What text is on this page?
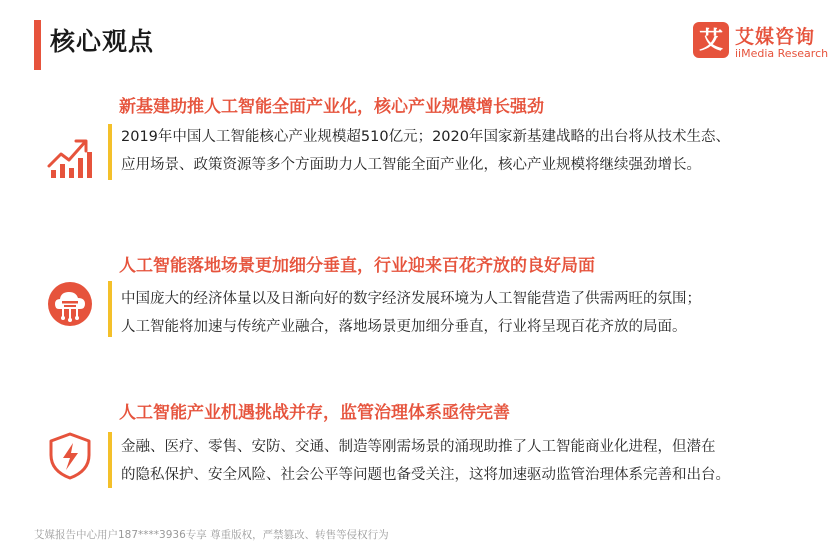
核心观点	艾 艾媒咨询
iiMedia Research
新基建助推人工智能全面产业化，核心产业规模增长强劲
2019年中国人工智能核心产业规模超510亿元；2020年国家新基建战略的出台将从技术生态、
应用场景、政策资源等多个方面助力人工智能全面产业化，核心产业规模将继续强劲增长。
人工智能落地场景更加细分垂直，行业迎来百花齐放的良好局面
中国庞大的经济体量以及日渐向好的数字经济发展环境为人工智能营造了供需两旺的氛围；
人工智能将加速与传统产业融合，落地场景更加细分垂直，行业将呈现百花齐放的局面。
人工智能产业机遇挑战并存，监管治理体系亟待完善
金融、医疗、零售、安防、交通、制造等刚需场景的涌现助推了人工智能商业化进程，但潜在
的隐私保护、安全风险、社会公平等问题也备受关注，这将加速驱动监管治理体系完善和出台。
艾媒报告中心用户187****3936专享 尊重版权，严禁篡改、转售等侵权行为
